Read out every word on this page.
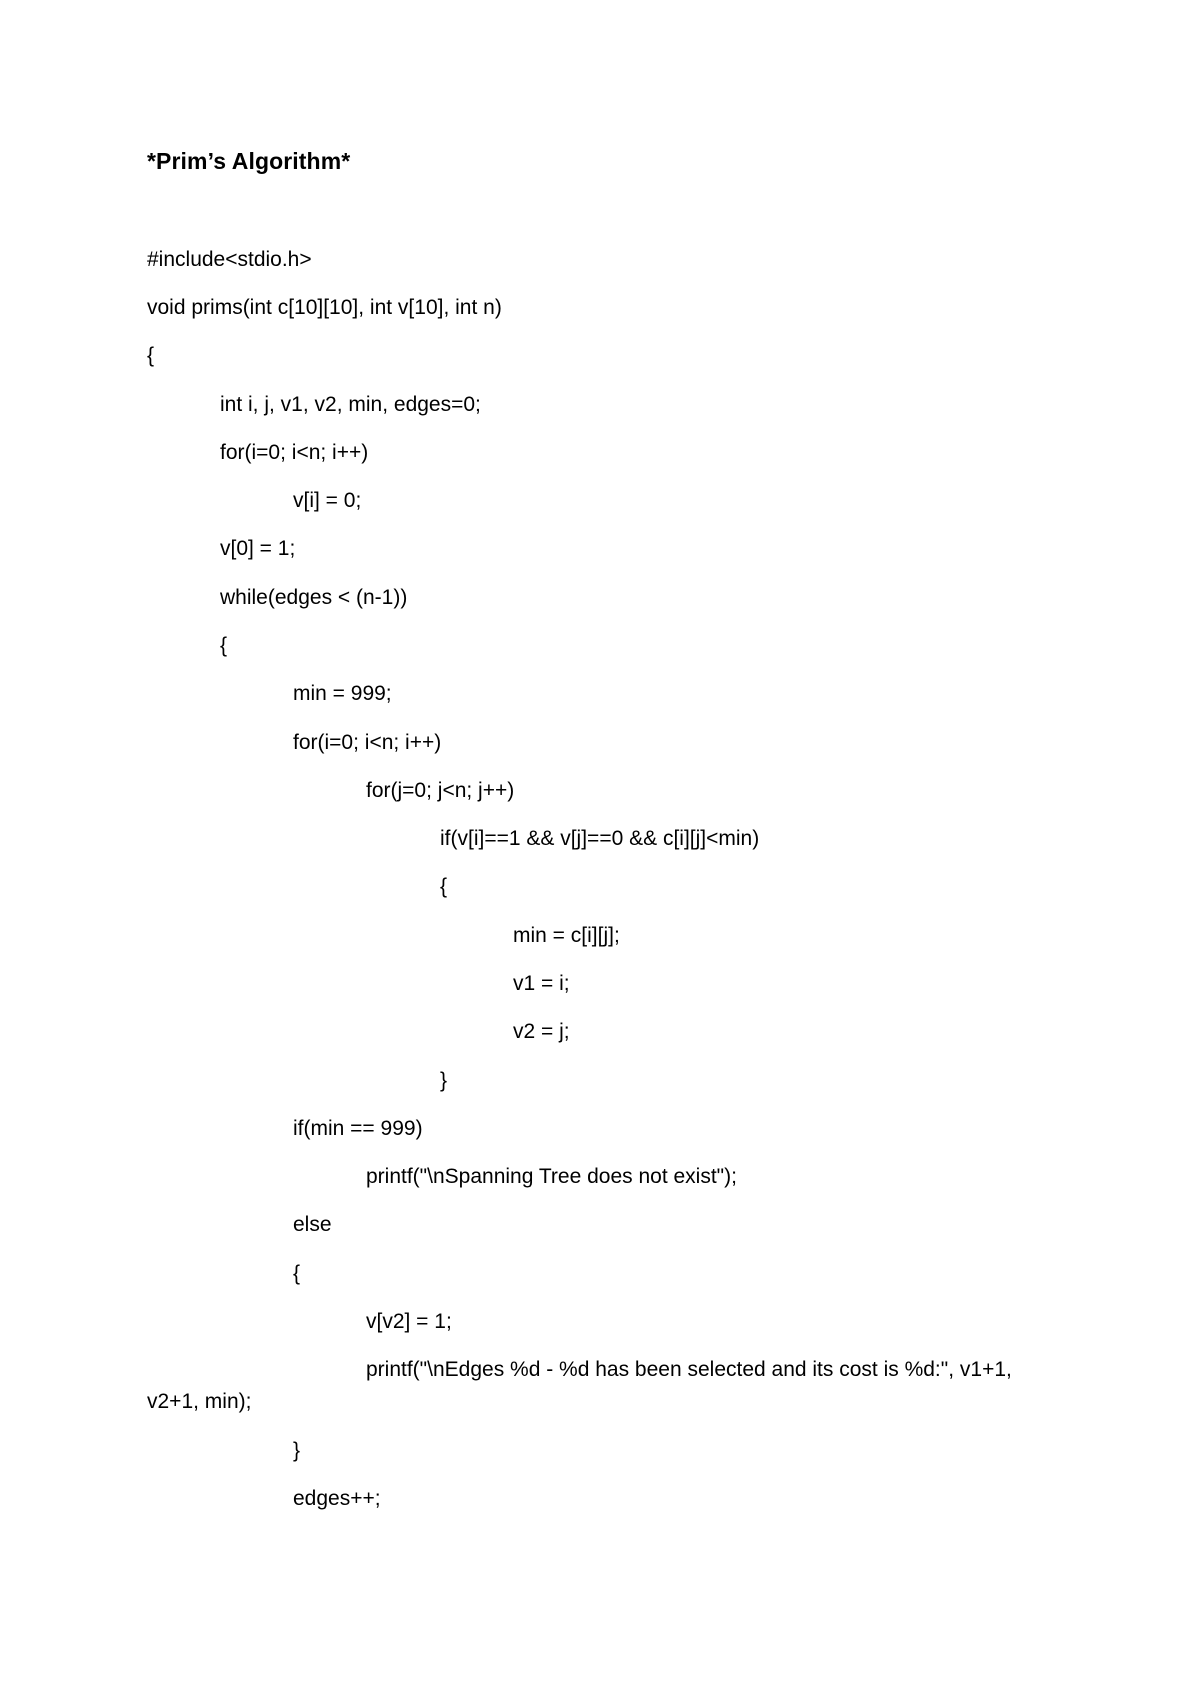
*Prim’s Algorithm*
#include<stdio.h>
void prims(int c[10][10], int v[10], int n)
{
int i, j, v1, v2, min, edges=0;
for(i=0; i<n; i++)
v[i] = 0;
v[0] = 1;
while(edges < (n-1))
{
min = 999;
for(i=0; i<n; i++)
for(j=0; j<n; j++)
if(v[i]==1 && v[j]==0 && c[i][j]<min)
{
min = c[i][j];
v1 = i;
v2 = j;
}
if(min == 999)
printf("\nSpanning Tree does not exist");
else
{
v[v2] = 1;
printf("\nEdges %d - %d has been selected and its cost is %d:", v1+1,
v2+1, min);
}
edges++;
